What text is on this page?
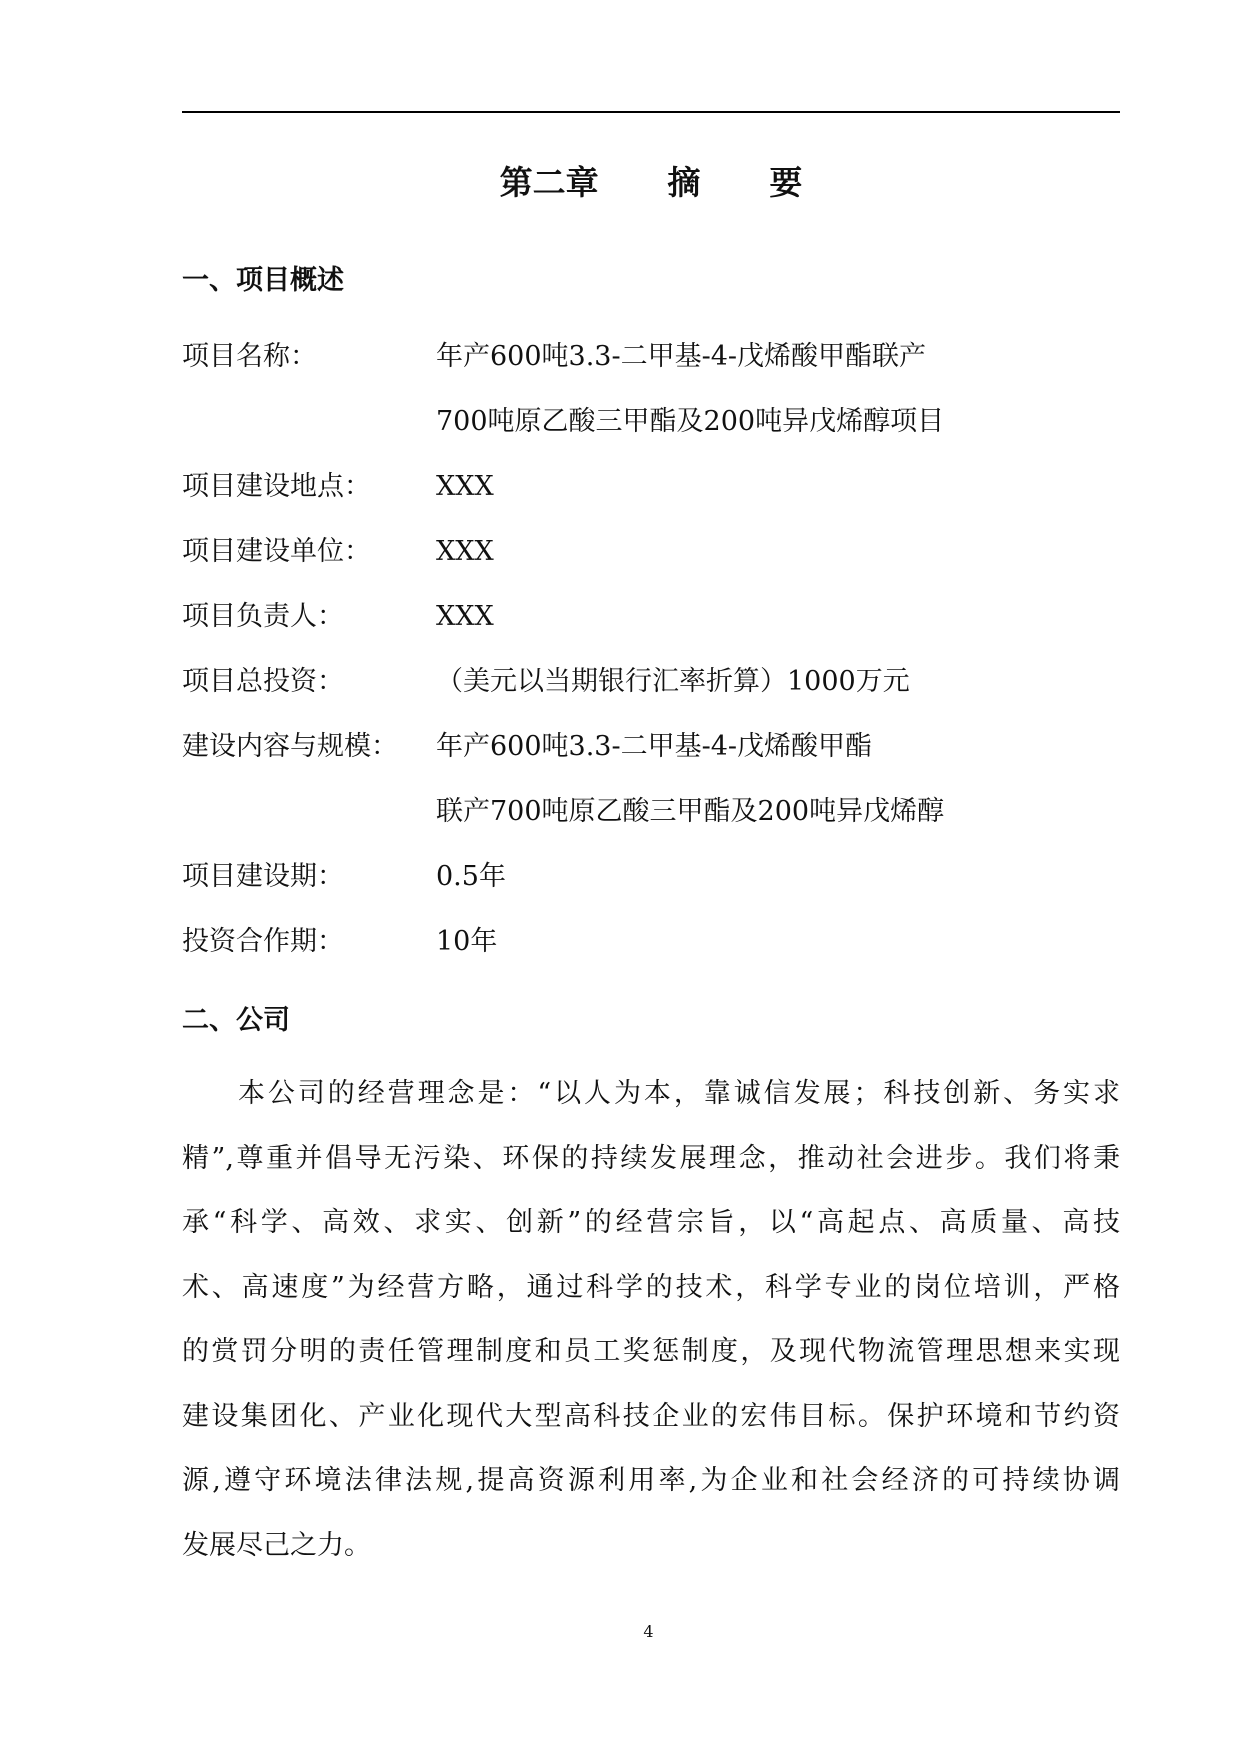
第二章      摘      要
一、项目概述
项目名称：	年产600吨3.3-二甲基-4-戊烯酸甲酯联产
700吨原乙酸三甲酯及200吨异戊烯醇项目
项目建设地点：	XXX
项目建设单位：	XXX
项目负责人：	XXX
项目总投资：	（美元以当期银行汇率折算）1000万元
建设内容与规模：	年产600吨3.3-二甲基-4-戊烯酸甲酯
联产700吨原乙酸三甲酯及200吨异戊烯醇
项目建设期：	0.5年
投资合作期：	10年
二、公司
本公司的经营理念是：“以人为本，靠诚信发展；科技创新、务实求
精”,尊重并倡导无污染、环保的持续发展理念，推动社会进步。我们将秉
承“科学、高效、求实、创新”的经营宗旨，以“高起点、高质量、高技
术、高速度”为经营方略，通过科学的技术，科学专业的岗位培训，严格
的赏罚分明的责任管理制度和员工奖惩制度，及现代物流管理思想来实现
建设集团化、产业化现代大型高科技企业的宏伟目标。保护环境和节约资
源,遵守环境法律法规,提高资源利用率,为企业和社会经济的可持续协调
发展尽己之力。
4
